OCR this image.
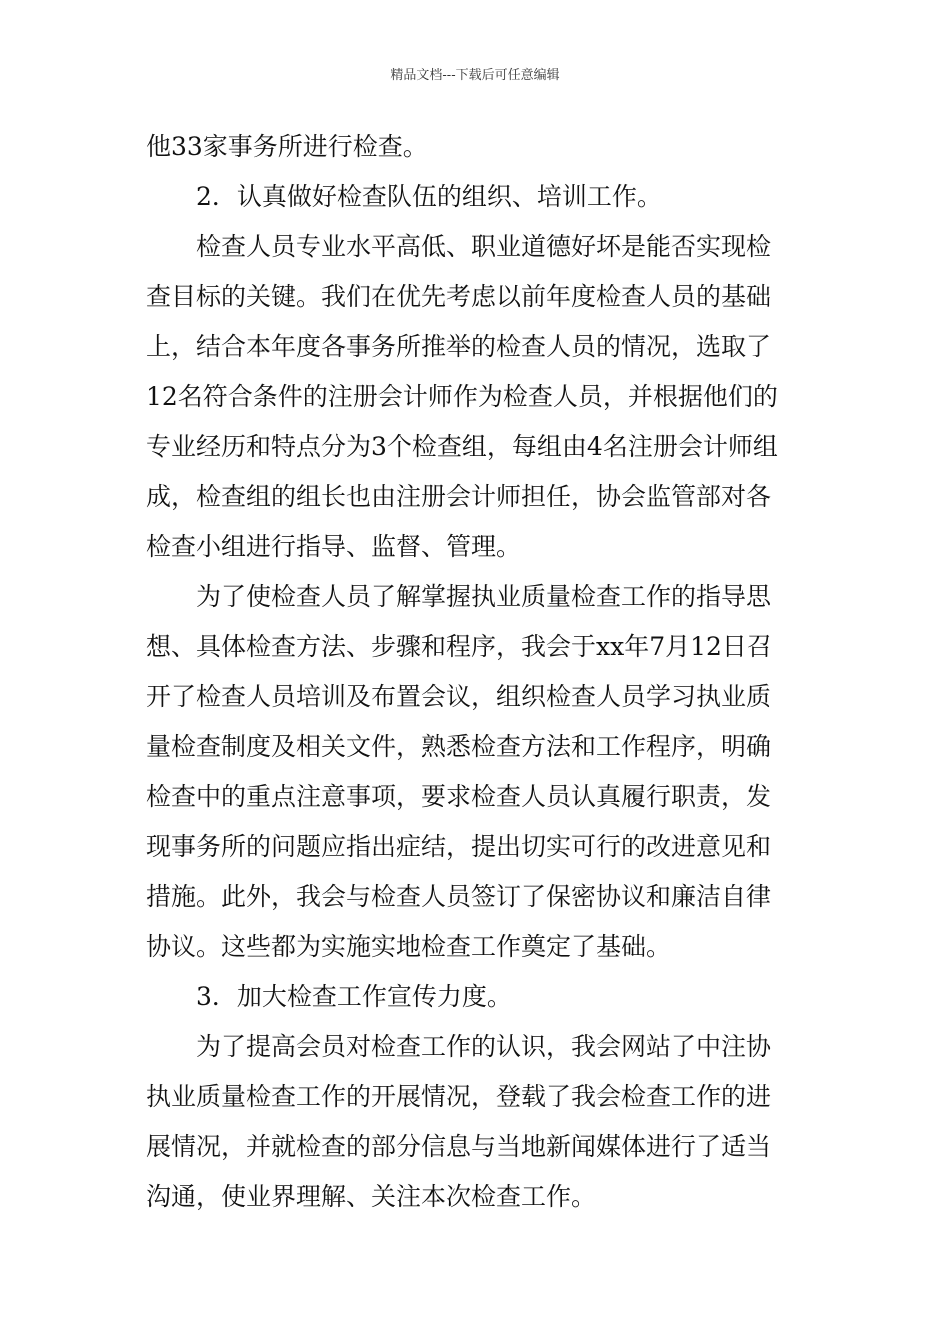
精品文档---下载后可任意编辑

他33家事务所进行检查。

2．认真做好检查队伍的组织、培训工作。

检查人员专业水平高低、职业道德好坏是能否实现检

查目标的关键。我们在优先考虑以前年度检查人员的基础

上，结合本年度各事务所推举的检查人员的情况，选取了

12名符合条件的注册会计师作为检查人员，并根据他们的

专业经历和特点分为3个检查组，每组由4名注册会计师组

成，检查组的组长也由注册会计师担任，协会监管部对各

检查小组进行指导、监督、管理。

为了使检查人员了解掌握执业质量检查工作的指导思

想、具体检查方法、步骤和程序，我会于xx年7月12日召

开了检查人员培训及布置会议，组织检查人员学习执业质

量检查制度及相关文件，熟悉检查方法和工作程序，明确

检查中的重点注意事项，要求检查人员认真履行职责，发

现事务所的问题应指出症结，提出切实可行的改进意见和

措施。此外，我会与检查人员签订了保密协议和廉洁自律

协议。这些都为实施实地检查工作奠定了基础。

3．加大检查工作宣传力度。

为了提高会员对检查工作的认识，我会网站了中注协

执业质量检查工作的开展情况，登载了我会检查工作的进

展情况，并就检查的部分信息与当地新闻媒体进行了适当

沟通，使业界理解、关注本次检查工作。
